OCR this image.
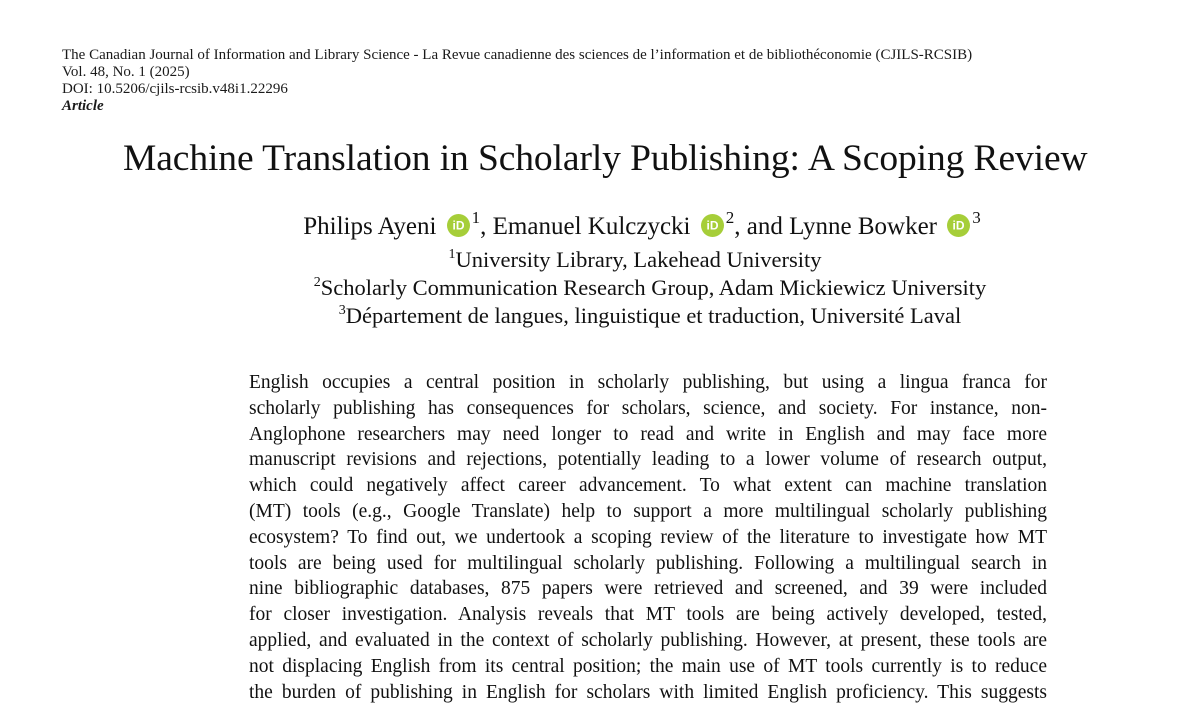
The Canadian Journal of Information and Library Science - La Revue canadienne des sciences de l’information et de bibliothéconomie (CJILS-RCSIB)
Vol. 48, No. 1 (2025)
DOI: 10.5206/cjils-rcsib.v48i1.22296
Article
Machine Translation in Scholarly Publishing: A Scoping Review
Philips Ayeni iD $^1$, Emanuel Kulczycki iD $^2$, and Lynne Bowker iD $^3$
$^1$University Library, Lakehead University
$^2$Scholarly Communication Research Group, Adam Mickiewicz University
$^3$Département de langues, linguistique et traduction, Université Laval
English occupies a central position in scholarly publishing, but using a lingua franca for
scholarly publishing has consequences for scholars, science, and society. For instance, non-
Anglophone researchers may need longer to read and write in English and may face more
manuscript revisions and rejections, potentially leading to a lower volume of research output,
which could negatively affect career advancement. To what extent can machine translation
(MT) tools (e.g., Google Translate) help to support a more multilingual scholarly publishing
ecosystem? To find out, we undertook a scoping review of the literature to investigate how MT
tools are being used for multilingual scholarly publishing. Following a multilingual search in
nine bibliographic databases, 875 papers were retrieved and screened, and 39 were included
for closer investigation. Analysis reveals that MT tools are being actively developed, tested,
applied, and evaluated in the context of scholarly publishing. However, at present, these tools are
not displacing English from its central position; the main use of MT tools currently is to reduce
the burden of publishing in English for scholars with limited English proficiency. This suggests
